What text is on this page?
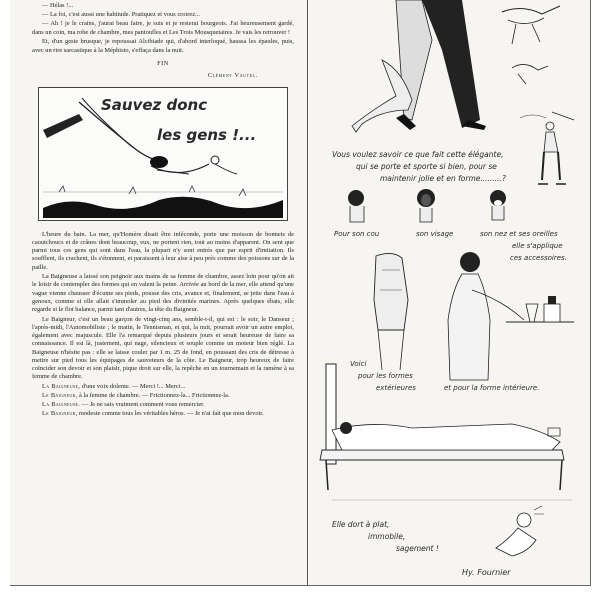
— Hélas !...

— La foi, c'est aussi une habitude. Pratiquez et vous croirez...

— Ah ! je le crains, j'aurai beau faire, je suis et je resterai bourgeois. J'ai heureusement gardé, dans un coin, ma robe de chambre, mes pantoufles et Les Trois Mousquetaires. Je vais les retrouver !

Et, d'un geste brusque, je repoussai Alcibiade qui, d'abord interloqué, haussa les épaules, puis, avec un rire sarcastique à la Méphisto, s'effaça dans la nuit.

FIN
Clément Vautel.
Sauvez donc
les gens !...

L'heure du bain. La mer, qu'Homère disait être inféconde, porte une moisson de bonnets de caoutchoucs et de crânes dont beaucoup, eux, ne portent rien, tout au moins d'apparent. On sent que parmi tous ces gens qui sont dans l'eau, la plupart n'y sont entrés que par esprit d'imitation. Ils soufflent, ils crachent, ils s'étonnent, et paraissent à leur aise à peu près comme des poissons sur de la paille.

La Baigneuse a laissé son peignoir aux mains de sa femme de chambre, assez loin pour qu'on ait le loisir de contempler des formes qui en valent la peine. Arrivée au bord de la mer, elle attend qu'une vague vienne chausser d'écume ses pieds, pousse des cris, avance et, finalement, se jette dans l'eau à genoux, comme si elle allait s'immoler au pied des divinités marines. Après quelques ébats, elle regarde si le flot balance, parmi tant d'autres, la tête du Baigneur.

Le Baigneur, c'est un beau garçon de vingt-cinq ans, semble-t-il, qui est : le soir, le Danseur ; l'après-midi, l'Automobiliste ; le matin, le Tennisman, et qui, la nuit, pourrait avoir un autre emploi, également avec majuscule. Elle l'a remarqué depuis plusieurs jours et serait heureuse de faire sa connaissance. Il est là, justement, qui nage, silencieux et souple comme un moteur bien réglé. La Baigneuse n'hésite pas : elle se laisse couler par 1 m. 25 de fond, en poussant des cris de détresse à mettre sur pied tous les équipages de sauveteurs de la côte. Le Baigneur, trop heureux de faire coïncider son devoir et son plaisir, pique droit sur elle, la repêche en un tournemain et la ramène à sa femme de chambre.

La Baigneuse, d'une voix dolente. — Merci !... Merci...

Le Baigneur, à la femme de chambre. — Frictionnez-la... Frictionnez-la.

La Baigneuse. — Je ne sais vraiment comment vous remercier.

Le Baigneur, modeste comme tous les véritables héros. — Je n'ai fait que mon devoir.

Vous voulez savoir ce que fait cette élégante,
qui se porte et sporte si bien, pour se
maintenir jolie et en forme.........?
Pour son cou	son visage	son nez et ses oreilles
elle s'applique
ces accessoires.
Voici
pour les formes
extérieures	et pour la forme intérieure.
Elle dort à plat,
immobile,
sagement !
Hy. Fournier
